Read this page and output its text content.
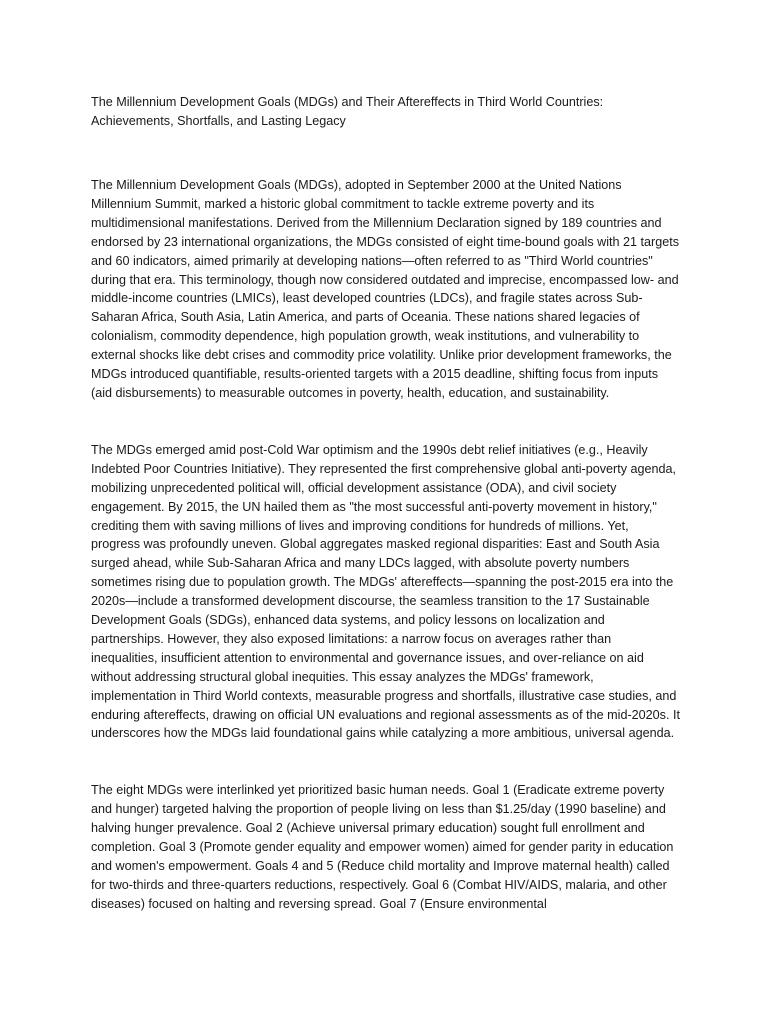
The Millennium Development Goals (MDGs) and Their Aftereffects in Third World Countries: Achievements, Shortfalls, and Lasting Legacy

The Millennium Development Goals (MDGs), adopted in September 2000 at the United Nations Millennium Summit, marked a historic global commitment to tackle extreme poverty and its multidimensional manifestations. Derived from the Millennium Declaration signed by 189 countries and endorsed by 23 international organizations, the MDGs consisted of eight time-bound goals with 21 targets and 60 indicators, aimed primarily at developing nations—often referred to as "Third World countries" during that era. This terminology, though now considered outdated and imprecise, encompassed low- and middle-income countries (LMICs), least developed countries (LDCs), and fragile states across Sub-Saharan Africa, South Asia, Latin America, and parts of Oceania. These nations shared legacies of colonialism, commodity dependence, high population growth, weak institutions, and vulnerability to external shocks like debt crises and commodity price volatility. Unlike prior development frameworks, the MDGs introduced quantifiable, results-oriented targets with a 2015 deadline, shifting focus from inputs (aid disbursements) to measurable outcomes in poverty, health, education, and sustainability.

The MDGs emerged amid post-Cold War optimism and the 1990s debt relief initiatives (e.g., Heavily Indebted Poor Countries Initiative). They represented the first comprehensive global anti-poverty agenda, mobilizing unprecedented political will, official development assistance (ODA), and civil society engagement. By 2015, the UN hailed them as "the most successful anti-poverty movement in history," crediting them with saving millions of lives and improving conditions for hundreds of millions. Yet, progress was profoundly uneven. Global aggregates masked regional disparities: East and South Asia surged ahead, while Sub-Saharan Africa and many LDCs lagged, with absolute poverty numbers sometimes rising due to population growth. The MDGs' aftereffects—spanning the post-2015 era into the 2020s—include a transformed development discourse, the seamless transition to the 17 Sustainable Development Goals (SDGs), enhanced data systems, and policy lessons on localization and partnerships. However, they also exposed limitations: a narrow focus on averages rather than inequalities, insufficient attention to environmental and governance issues, and over-reliance on aid without addressing structural global inequities. This essay analyzes the MDGs' framework, implementation in Third World contexts, measurable progress and shortfalls, illustrative case studies, and enduring aftereffects, drawing on official UN evaluations and regional assessments as of the mid-2020s. It underscores how the MDGs laid foundational gains while catalyzing a more ambitious, universal agenda.

The eight MDGs were interlinked yet prioritized basic human needs. Goal 1 (Eradicate extreme poverty and hunger) targeted halving the proportion of people living on less than $1.25/day (1990 baseline) and halving hunger prevalence. Goal 2 (Achieve universal primary education) sought full enrollment and completion. Goal 3 (Promote gender equality and empower women) aimed for gender parity in education and women's empowerment. Goals 4 and 5 (Reduce child mortality and Improve maternal health) called for two-thirds and three-quarters reductions, respectively. Goal 6 (Combat HIV/AIDS, malaria, and other diseases) focused on halting and reversing spread. Goal 7 (Ensure environmental
